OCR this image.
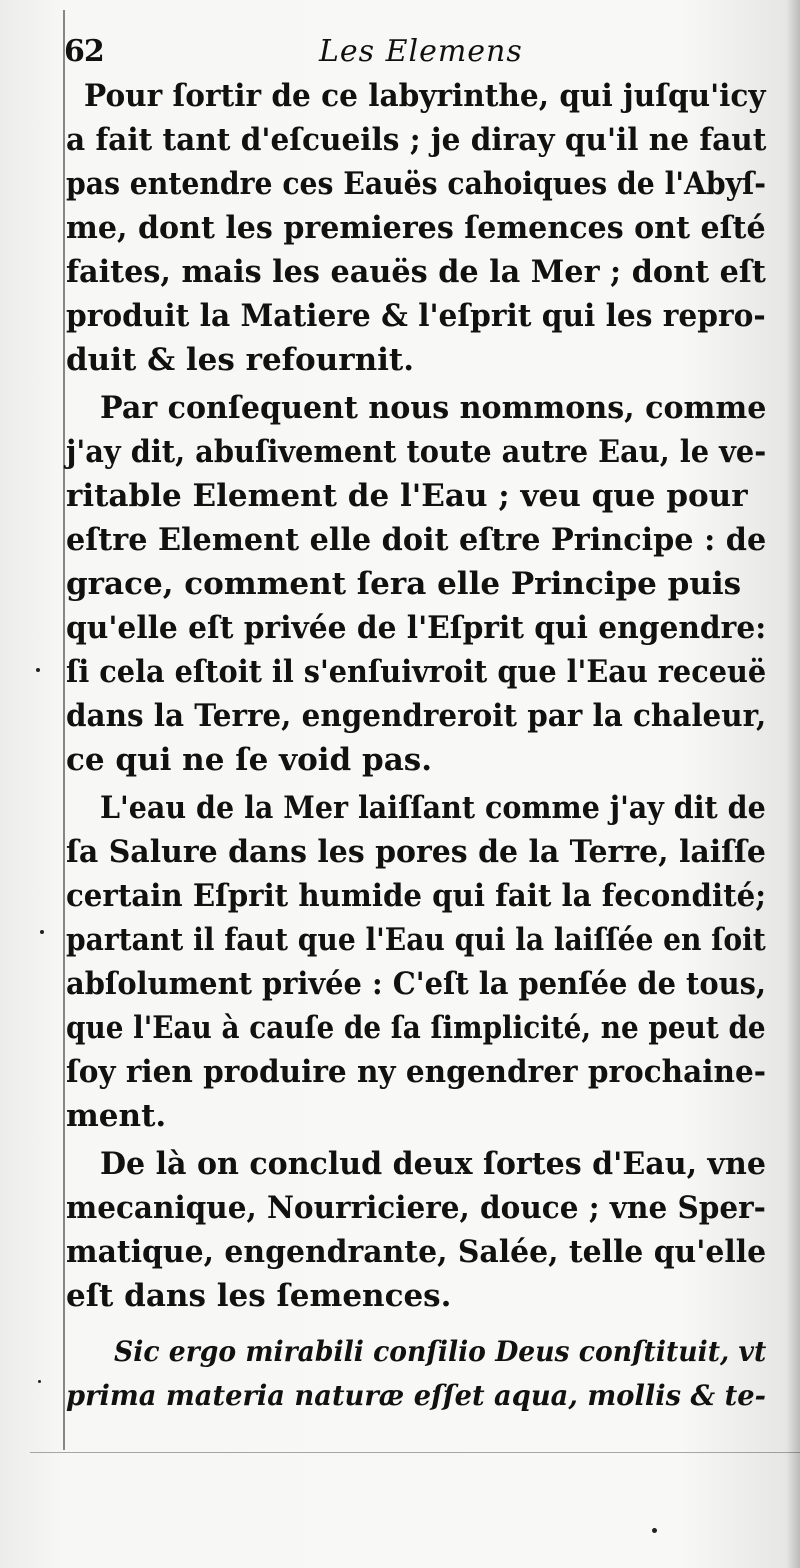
62	Les Elemens
Pour ſortir de ce labyrinthe, qui juſqu'icy
a fait tant d'eſcueils ; je diray qu'il ne faut
pas entendre ces Eauës cahoiques de l'Abyſ-
me, dont les premieres ſemences ont eſté
faites, mais les eauës de la Mer ; dont eſt
produit la Matiere & l'eſprit qui les repro-
duit & les refournit.
Par conſequent nous nommons, comme
j'ay dit, abuſivement toute autre Eau, le ve-
ritable Element de l'Eau ; veu que pour
eſtre Element elle doit eſtre Principe : de
grace, comment ſera elle Principe puis
qu'elle eſt privée de l'Eſprit qui engendre:
ſi cela eſtoit il s'enſuivroit que l'Eau receuë
dans la Terre, engendreroit par la chaleur,
ce qui ne ſe void pas.
L'eau de la Mer laiſſant comme j'ay dit de
ſa Salure dans les pores de la Terre, laiſſe
certain Eſprit humide qui fait la fecondité;
partant il faut que l'Eau qui la laiſſée en ſoit
abſolument privée : C'eſt la penſée de tous,
que l'Eau à cauſe de ſa ſimplicité, ne peut de
ſoy rien produire ny engendrer prochaine-
ment.
De là on conclud deux ſortes d'Eau, vne
mecanique, Nourriciere, douce ; vne Sper-
matique, engendrante, Salée, telle qu'elle
eſt dans les ſemences.
Sic ergo mirabili conſilio Deus conſtituit, vt
prima materia naturæ eſſet aqua, mollis & te-
